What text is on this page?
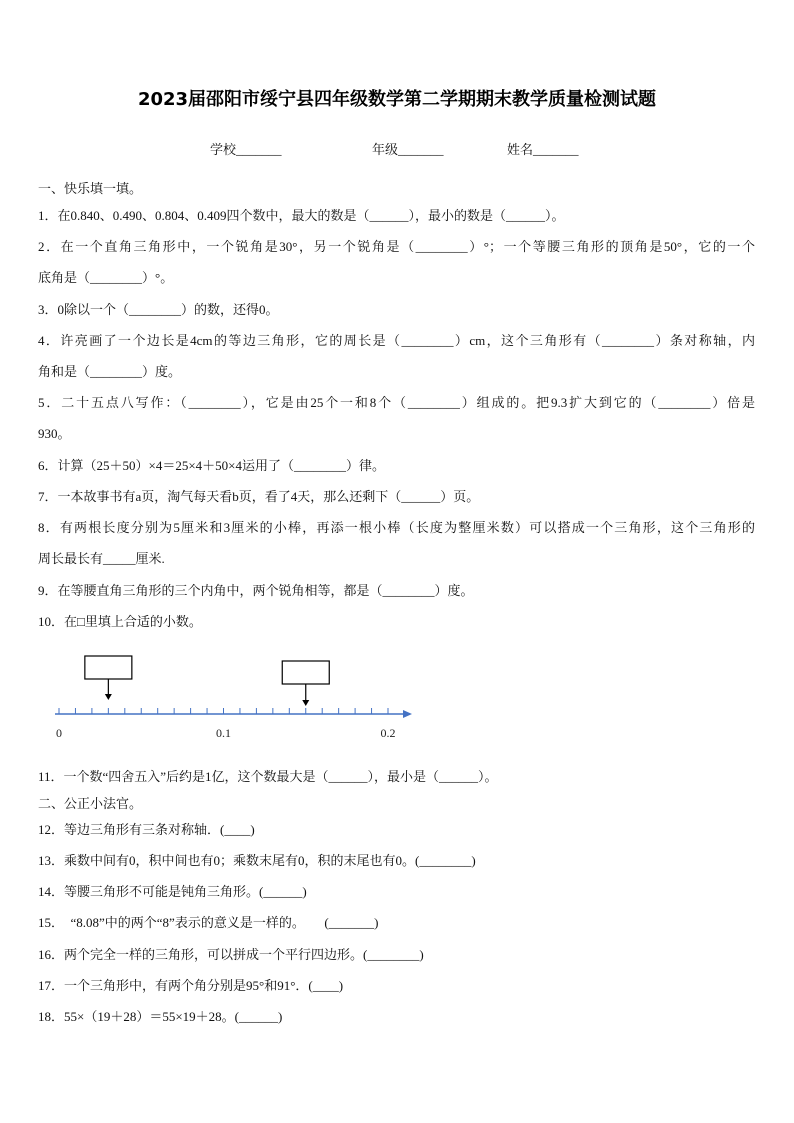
2023届邵阳市绥宁县四年级数学第二学期期末教学质量检测试题
学校_______	年级_______	姓名_______
一、快乐填一填。
1．在0.840、0.490、0.804、0.409四个数中，最大的数是（______），最小的数是（______）。
2．在一个直角三角形中，一个锐角是30°，另一个锐角是（________）°；一个等腰三角形的顶角是50°，它的一个
底角是（________）°。
3．0除以一个（________）的数，还得0。
4．许亮画了一个边长是4cm的等边三角形，它的周长是（________）cm，这个三角形有（________）条对称轴，内
角和是（________）度。
5．二十五点八写作：（________），它是由25个一和8个（________）组成的。把9.3扩大到它的（________）倍是
930。
6．计算（25＋50）×4＝25×4＋50×4运用了（________）律。
7．一本故事书有a页，淘气每天看b页，看了4天，那么还剩下（______）页。
8．有两根长度分别为5厘米和3厘米的小棒，再添一根小棒（长度为整厘米数）可以搭成一个三角形，这个三角形的
周长最长有_____厘米.
9．在等腰直角三角形的三个内角中，两个锐角相等，都是（________）度。
10．在□里填上合适的小数。
0	0.1	0.2
11．一个数“四舍五入”后约是1亿，这个数最大是（______），最小是（______）。
二、公正小法官。
12．等边三角形有三条对称轴．(____)
13．乘数中间有0，积中间也有0；乘数末尾有0，积的末尾也有0。(________)
14．等腰三角形不可能是钝角三角形。(______)
15．　“8.08”中的两个“8”表示的意义是一样的。　　(_______)
16．两个完全一样的三角形，可以拼成一个平行四边形。(________)
17．一个三角形中，有两个角分别是95°和91°．(____)
18．55×（19＋28）＝55×19＋28。(______)
